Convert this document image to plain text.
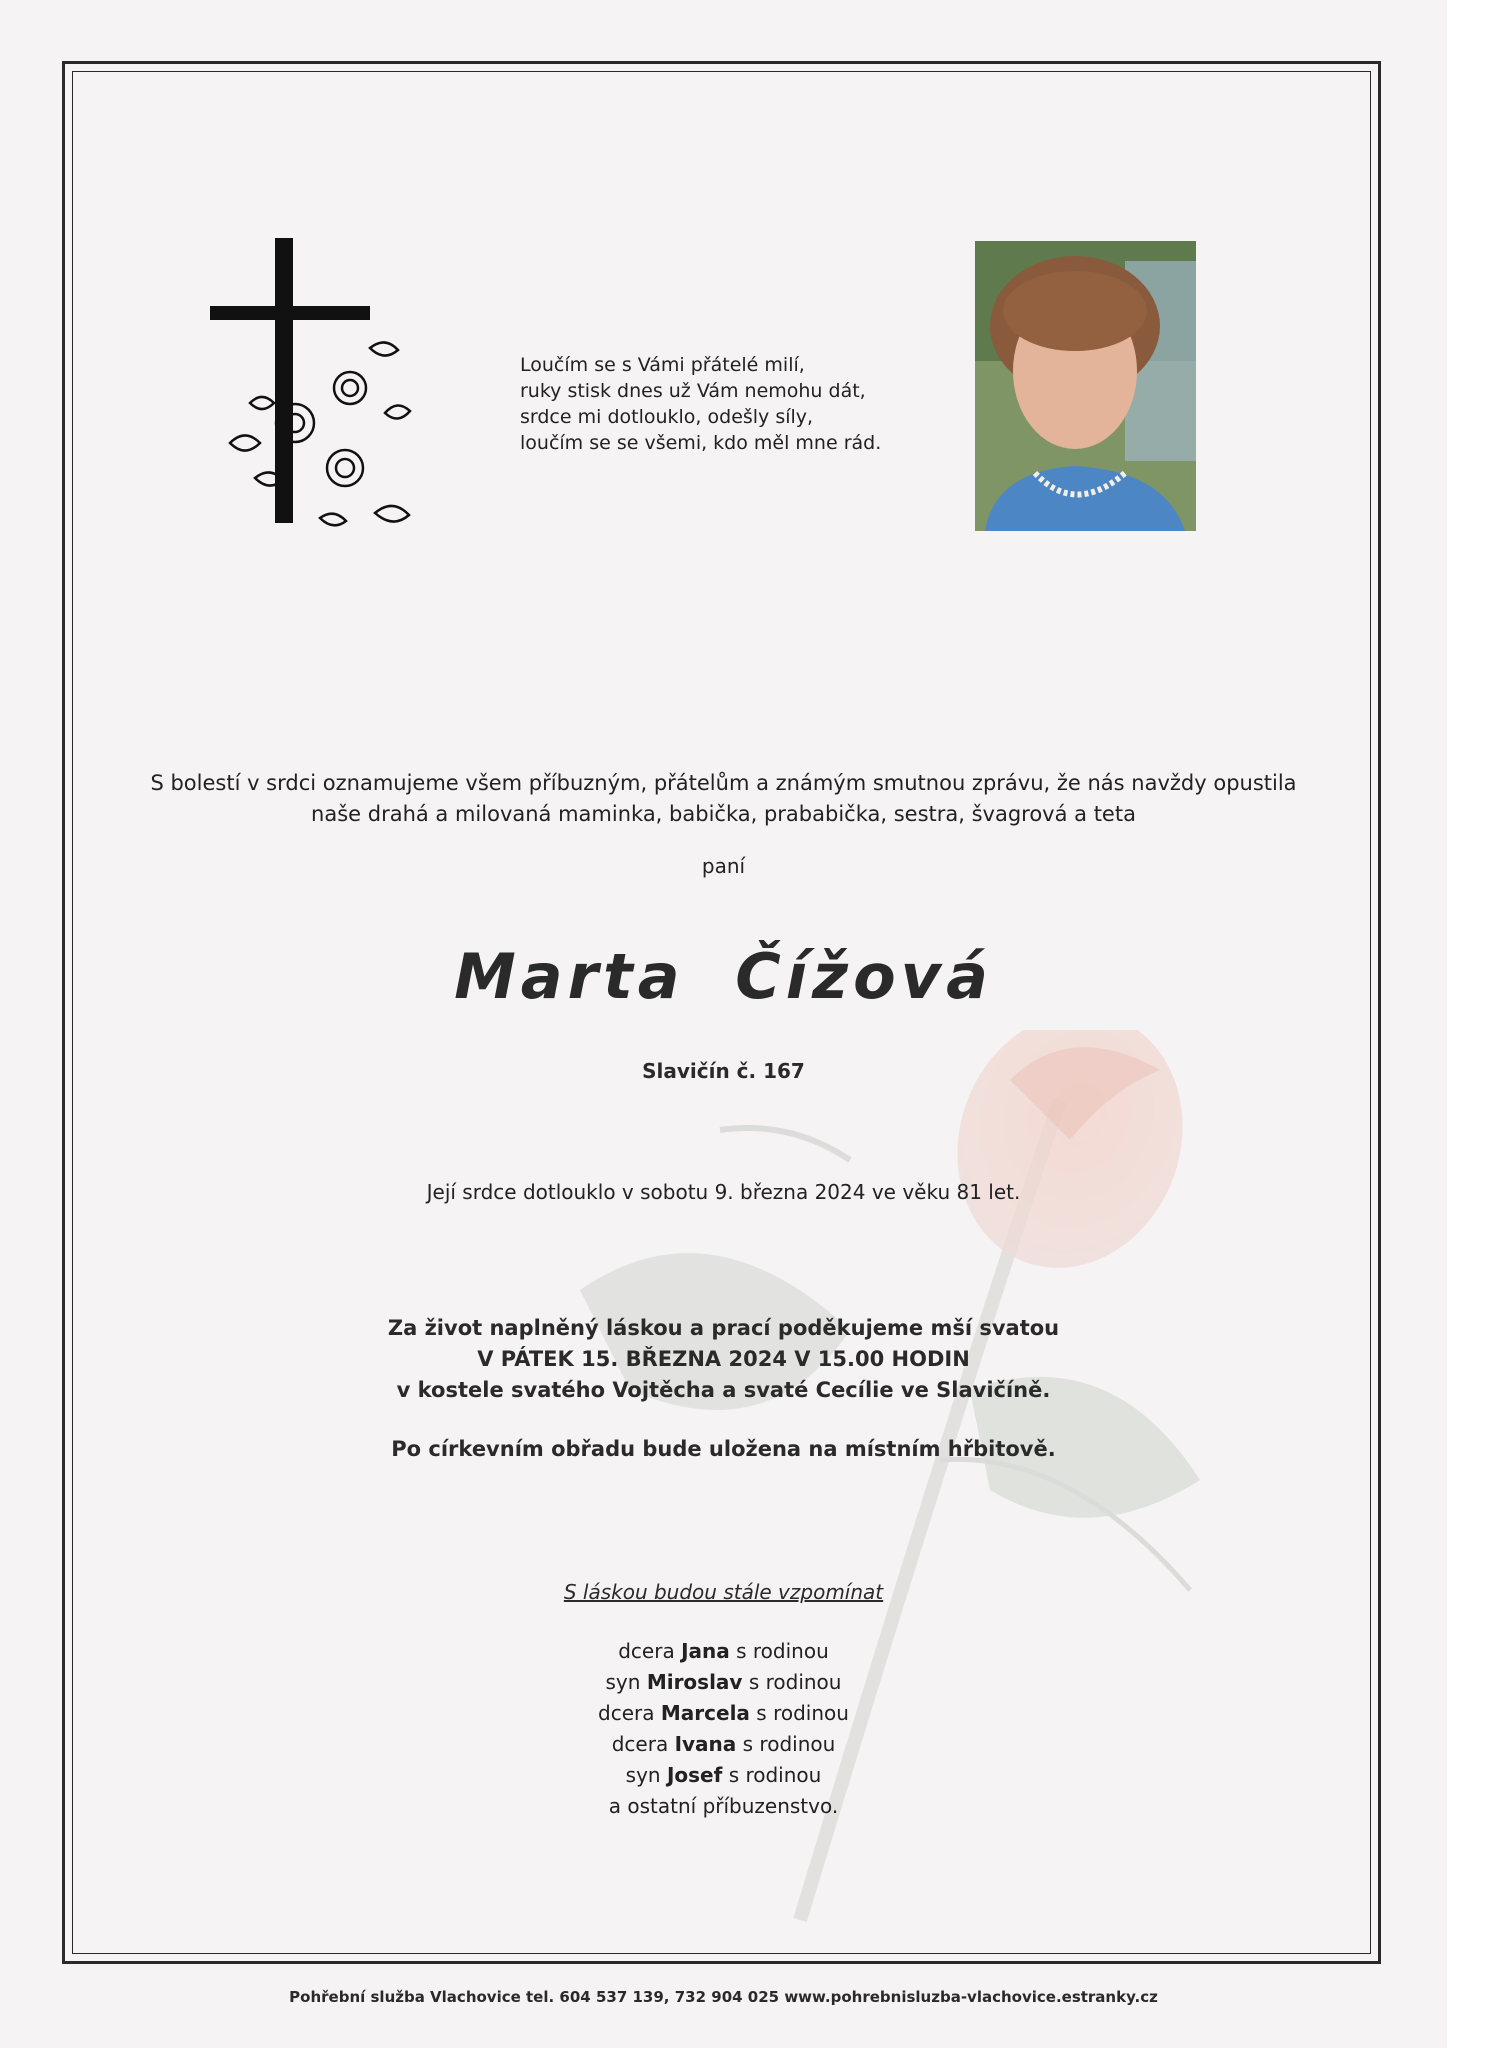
Loučím se s Vámi přátelé milí,
ruky stisk dnes už Vám nemohu dát,
srdce mi dotlouklo, odešly síly,
loučím se se všemi, kdo měl mne rád.
S bolestí v srdci oznamujeme všem příbuzným, přátelům a známým smutnou zprávu, že nás navždy opustila
naše drahá a milovaná maminka, babička, prababička, sestra, švagrová a teta
paní
Marta Čížová
Slavičín č. 167
Její srdce dotlouklo v sobotu 9. března 2024 ve věku 81 let.
Za život naplněný láskou a prací poděkujeme mší svatou
V PÁTEK 15. BŘEZNA 2024 V 15.00 HODIN
v kostele svatého Vojtěcha a svaté Cecílie ve Slavičíně.
Po církevním obřadu bude uložena na místním hřbitově.
S láskou budou stále vzpomínat
dcera Jana s rodinou
syn Miroslav s rodinou
dcera Marcela s rodinou
dcera Ivana s rodinou
syn Josef s rodinou
a ostatní příbuzenstvo.
Pohřební služba Vlachovice tel. 604 537 139, 732 904 025 www.pohrebnisluzba-vlachovice.estranky.cz
